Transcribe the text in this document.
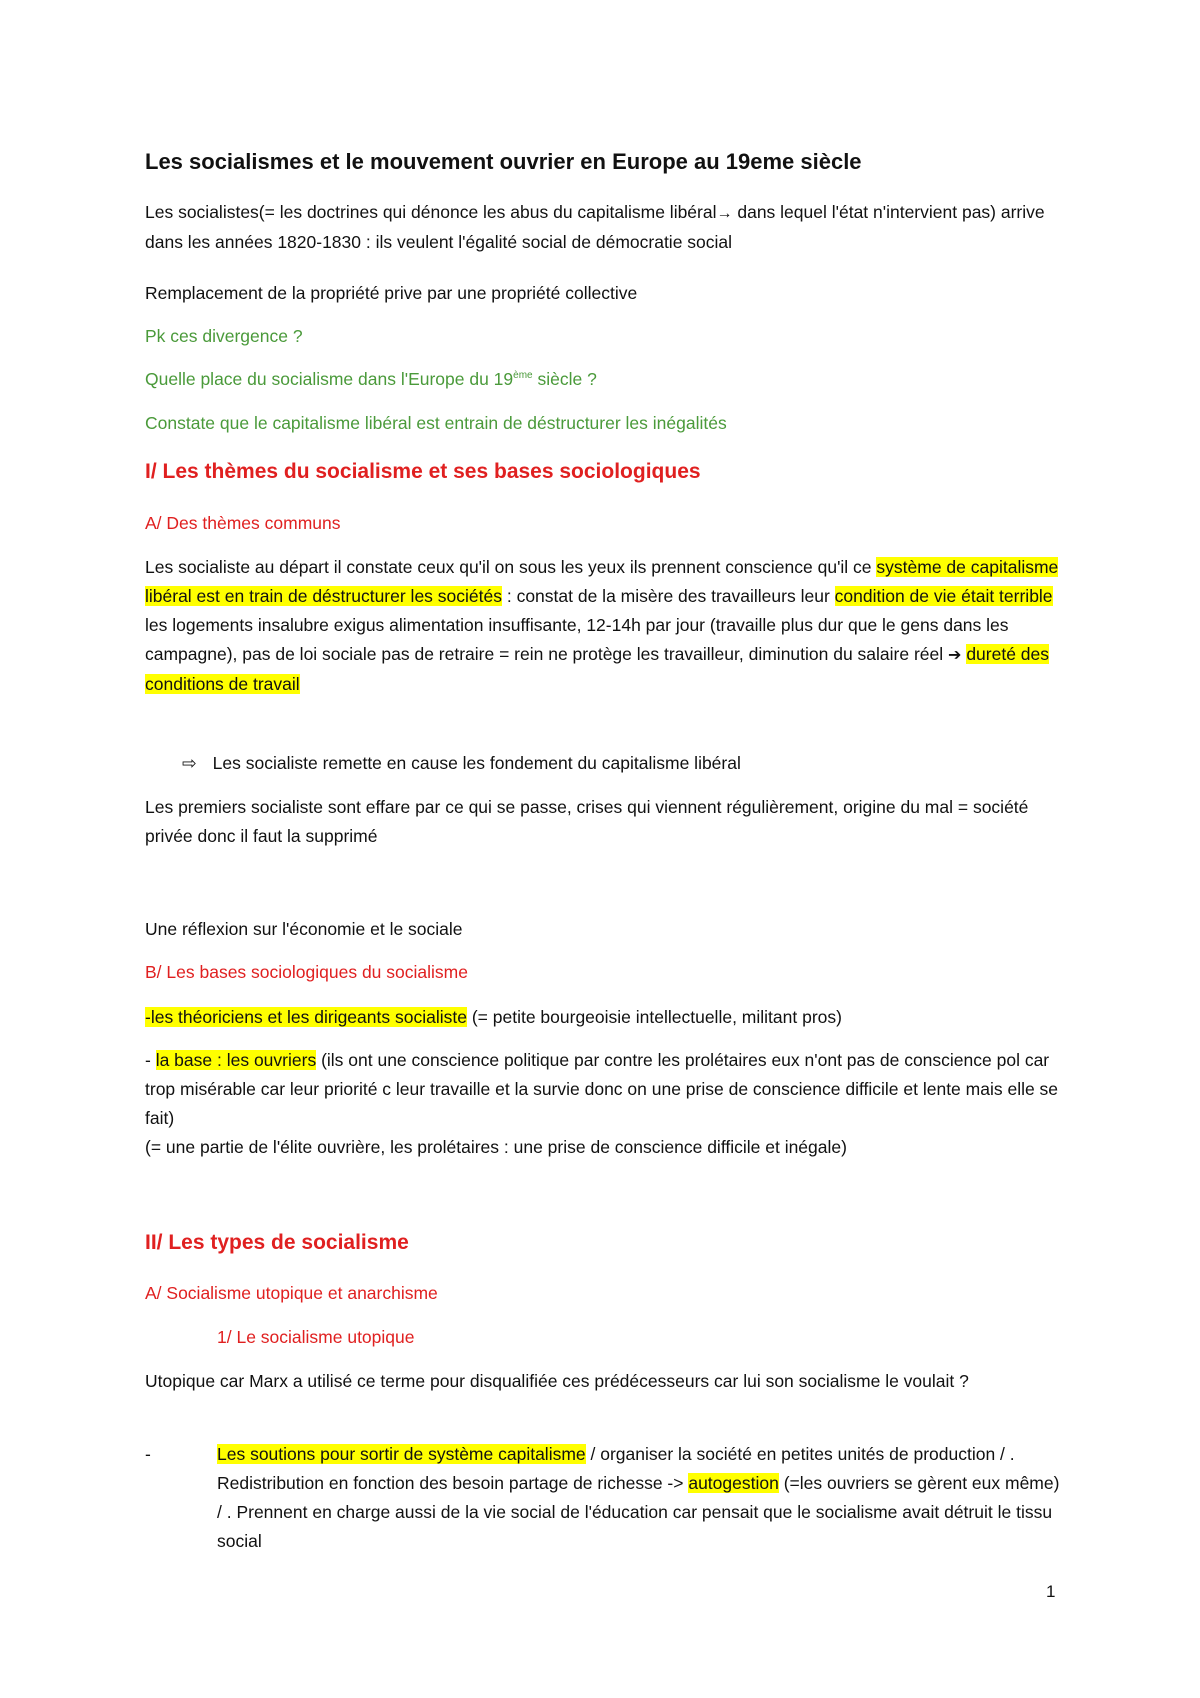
Les socialismes et le mouvement ouvrier en Europe au 19eme siècle

Les socialistes(= les doctrines qui dénonce les abus du capitalisme libéral→ dans lequel l'état n'intervient pas) arrive dans les années 1820-1830 : ils veulent l'égalité social de démocratie social

Remplacement de la propriété prive par une propriété collective

Pk ces divergence ?

Quelle place du socialisme dans l'Europe du 19ème siècle ?

Constate que le capitalisme libéral est entrain de déstructurer les inégalités

I/ Les thèmes du socialisme et ses bases sociologiques

A/ Des thèmes communs

Les socialiste au départ il constate ceux qu'il on sous les yeux ils prennent conscience qu'il ce système de capitalisme libéral est en train de déstructurer les sociétés : constat de la misère des travailleurs leur condition de vie était terrible les logements insalubre exigus alimentation insuffisante, 12-14h par jour (travaille plus dur que le gens dans les campagne), pas de loi sociale pas de retraire = rein ne protège les travailleur, diminution du salaire réel ➔ dureté des conditions de travail

⇨ Les socialiste remette en cause les fondement du capitalisme libéral

Les premiers socialiste sont effare par ce qui se passe, crises qui viennent régulièrement, origine du mal = société privée donc il faut la supprimé

Une réflexion sur l'économie et le sociale

B/ Les bases sociologiques du socialisme

-les théoriciens et les dirigeants socialiste (= petite bourgeoisie intellectuelle, militant pros)

- la base : les ouvriers (ils ont une conscience politique par contre les prolétaires eux n'ont pas de conscience pol car trop misérable car leur priorité c leur travaille et la survie donc on une prise de conscience difficile et lente mais elle se fait)
(= une partie de l'élite ouvrière, les prolétaires : une prise de conscience difficile et inégale)

II/ Les types de socialisme

A/ Socialisme utopique et anarchisme

1/ Le socialisme utopique

Utopique car Marx a utilisé ce terme pour disqualifiée ces prédécesseurs car lui son socialisme le voulait ?

-	Les soutions pour sortir de système capitalisme / organiser la société en petites unités de production / . Redistribution en fonction des besoin partage de richesse -> autogestion (=les ouvriers se gèrent eux même) / . Prennent en charge aussi de la vie social de l'éducation car pensait que le socialisme avait détruit le tissu social

1
